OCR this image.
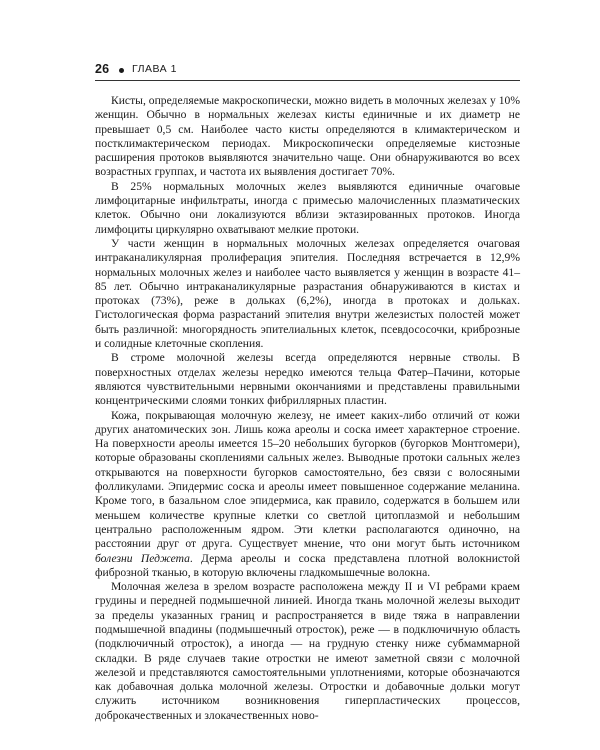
26 ГЛАВА 1

Кисты, определяемые макроскопически, можно видеть в молочных железах у 10% женщин. Обычно в нормальных железах кисты единичные и их диаметр не превышает 0,5 см. Наиболее часто кисты определяются в климактерическом и постклимактерическом периодах. Микроскопически определяемые кистозные расширения протоков выявляются значительно чаще. Они обнаруживаются во всех возрастных группах, и частота их выявления достигает 70%.

В 25% нормальных молочных желез выявляются единичные очаговые лимфоцитарные инфильтраты, иногда с примесью малочисленных плазматических клеток. Обычно они локализуются вблизи эктазированных протоков. Иногда лимфоциты циркулярно охватывают мелкие протоки.

У части женщин в нормальных молочных железах определяется очаговая интраканаликулярная пролиферация эпителия. Последняя встречается в 12,9% нормальных молочных желез и наиболее часто выявляется у женщин в возрасте 41–85 лет. Обычно интраканаликулярные разрастания обнаруживаются в кистах и протоках (73%), реже в дольках (6,2%), иногда в протоках и дольках. Гистологическая форма разрастаний эпителия внутри железистых полостей может быть различной: многорядность эпителиальных клеток, псевдососочки, криброзные и солидные клеточные скопления.

В строме молочной железы всегда определяются нервные стволы. В поверхностных отделах железы нередко имеются тельца Фатер–Пачини, которые являются чувствительными нервными окончаниями и представлены правильными концентрическими слоями тонких фибриллярных пластин.

Кожа, покрывающая молочную железу, не имеет каких-либо отличий от кожи других анатомических зон. Лишь кожа ареолы и соска имеет характерное строение. На поверхности ареолы имеется 15–20 небольших бугорков (бугорков Монтгомери), которые образованы скоплениями сальных желез. Выводные протоки сальных желез открываются на поверхности бугорков самостоятельно, без связи с волосяными фолликулами. Эпидермис соска и ареолы имеет повышенное содержание меланина. Кроме того, в базальном слое эпидермиса, как правило, содержатся в большем или меньшем количестве крупные клетки со светлой цитоплазмой и небольшим центрально расположенным ядром. Эти клетки располагаются одиночно, на расстоянии друг от друга. Существует мнение, что они могут быть источником болезни Педжета. Дерма ареолы и соска представлена плотной волокнистой фиброзной тканью, в которую включены гладкомышечные волокна.

Молочная железа в зрелом возрасте расположена между II и VI ребрами краем грудины и передней подмышечной линией. Иногда ткань молочной железы выходит за пределы указанных границ и распространяется в виде тяжа в направлении подмышечной впадины (подмышечный отросток), реже — в подключичную область (подключичный отросток), а иногда — на грудную стенку ниже субмаммарной складки. В ряде случаев такие отростки не имеют заметной связи с молочной железой и представляются самостоятельными уплотнениями, которые обозначаются как добавочная долька молочной железы. Отростки и добавочные дольки могут служить источником возникновения гиперпластических процессов, доброкачественных и злокачественных ново-
